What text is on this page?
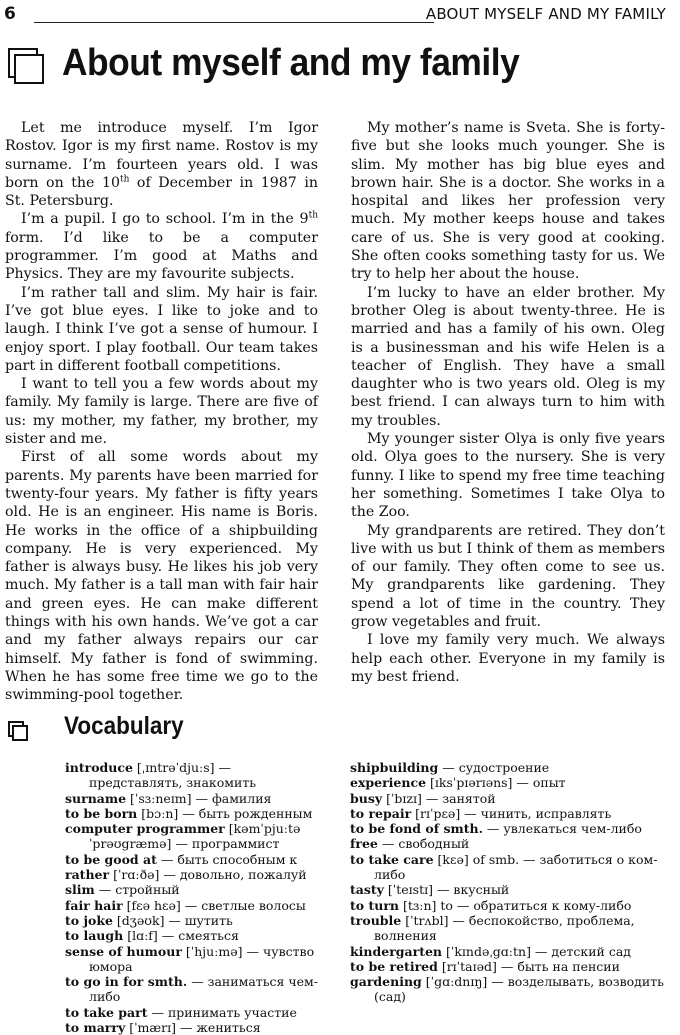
6	ABOUT MYSELF AND MY FAMILY
About myself and my family

Let me introduce myself. I’m Igor Rostov. Igor is my first name. Rostov is my surname. I’m fourteen years old. I was born on the 10th of December in 1987 in St. Petersburg.

I’m a pupil. I go to school. I’m in the 9th form. I’d like to be a computer programmer. I’m good at Maths and Physics. They are my favourite subjects.

I’m rather tall and slim. My hair is fair. I’ve got blue eyes. I like to joke and to laugh. I think I’ve got a sense of humour. I enjoy sport. I play football. Our team takes part in different football competitions.

I want to tell you a few words about my family. My family is large. There are five of us: my mother, my father, my brother, my sister and me.

First of all some words about my parents. My parents have been married for twenty-four years. My father is fifty years old. He is an engineer. His name is Boris. He works in the office of a shipbuilding company. He is very experienced. My father is always busy. He likes his job very much. My father is a tall man with fair hair and green eyes. He can make different things with his own hands. We’ve got a car and my father always repairs our car himself. My father is fond of swimming. When he has some free time we go to the swimming-pool together.

My mother’s name is Sveta. She is forty-five but she looks much younger. She is slim. My mother has big blue eyes and brown hair. She is a doctor. She works in a hospital and likes her profession very much. My mother keeps house and takes care of us. She is very good at cooking. She often cooks something tasty for us. We try to help her about the house.

I’m lucky to have an elder brother. My brother Oleg is about twenty-three. He is married and has a family of his own. Oleg is a businessman and his wife Helen is a teacher of English. They have a small daughter who is two years old. Oleg is my best friend. I can always turn to him with my troubles.

My younger sister Olya is only five years old. Olya goes to the nursery. She is very funny. I like to spend my free time teaching her something. Sometimes I take Olya to the Zoo.

My grandparents are retired. They don’t live with us but I think of them as members of our family. They often come to see us. My grandparents like gardening. They spend a lot of time in the country. They grow vegetables and fruit.

I love my family very much. We always help each other. Everyone in my family is my best friend.

Vocabulary

introduce [ˌɪntrəˈdjuːs] — представлять, знакомить

surname [ˈsɜːneɪm] — фамилия

to be born [bɔːn] — быть рожденным

computer programmer [kəmˈpjuːtə ˈprəʊgræmə] — программист

to be good at — быть способным к

rather [ˈrɑːðə] — довольно, пожалуй

slim — стройный

fair hair [fɛə hɛə] — светлые волосы

to joke [dʒəʊk] — шутить

to laugh [lɑːf] — смеяться

sense of humour [ˈhjuːmə] — чувство юмора

to go in for smth. — заниматься чем-либо

to take part — принимать участие

to marry [ˈmærɪ] — жениться

shipbuilding — судостроение

experience [ɪksˈpɪərɪəns] — опыт

busy [ˈbɪzɪ] — занятой

to repair [rɪˈpɛə] — чинить, исправлять

to be fond of smth. — увлекаться чем-либо

free — свободный

to take care [kɛə] of smb. — заботиться о ком-либо

tasty [ˈteɪstɪ] — вкусный

to turn [tɜːn] to — обратиться к кому-либо

trouble [ˈtrʌbl] — беспокойство, проблема, волнения

kindergarten [ˈkɪndəˌgɑːtn] — детский сад

to be retired [rɪˈtaɪəd] — быть на пенсии

gardening [ˈgɑːdnɪŋ] — возделывать, возводить (сад)
